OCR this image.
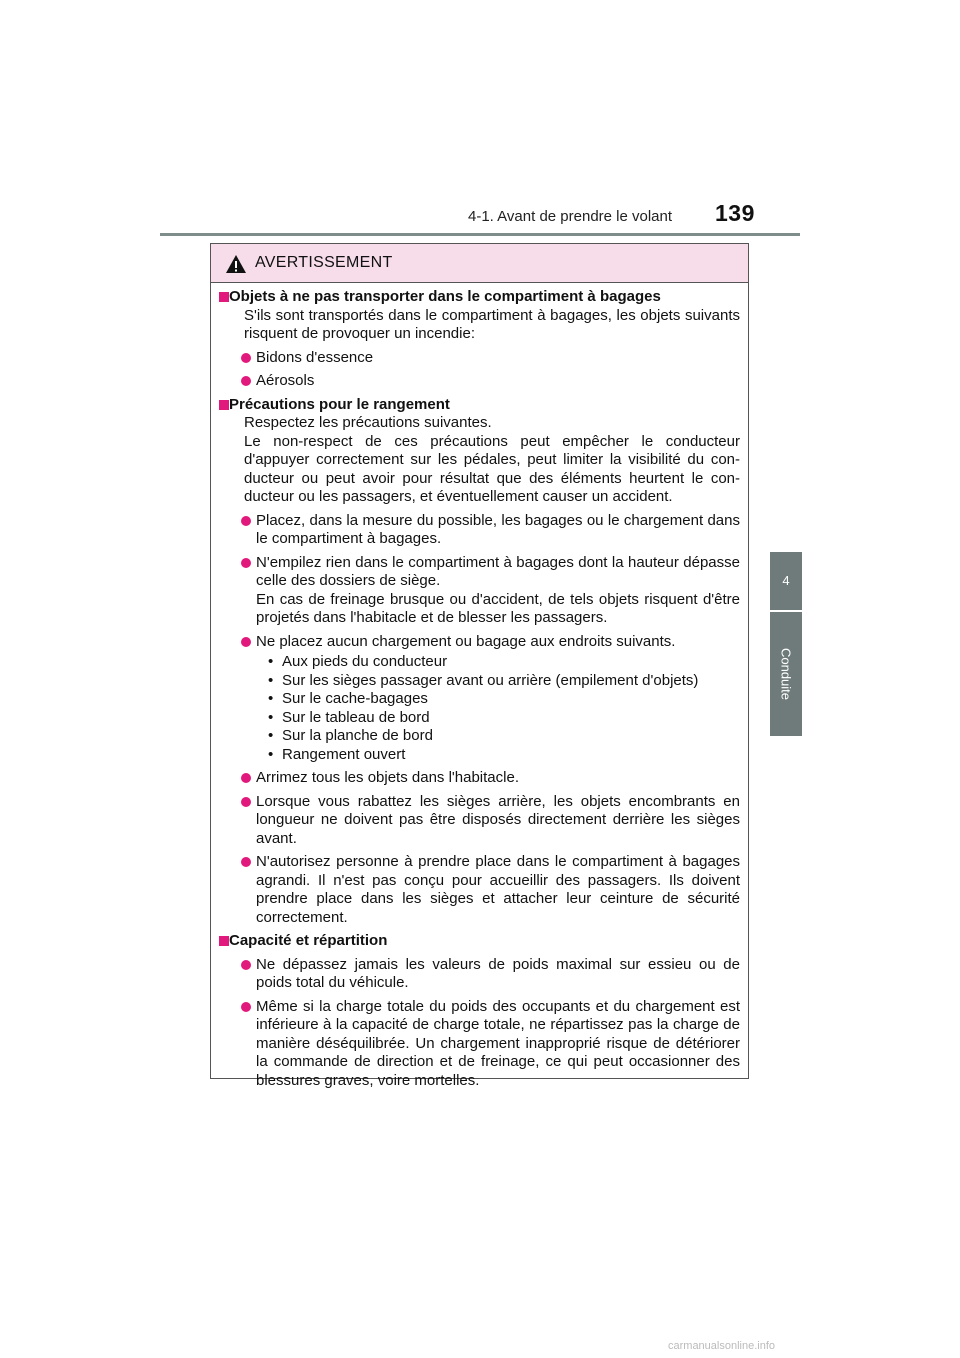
4-1. Avant de prendre le volant 139
4
Conduite
AVERTISSEMENT
Objets à ne pas transporter dans le compartiment à bagages

S'ils sont transportés dans le compartiment à bagages, les objets suivants risquent de provoquer un incendie:

Bidons d'essence
Aérosols
Précautions pour le rangement

Respectez les précautions suivantes.

Le non-respect de ces précautions peut empêcher le conducteur d'appuyer correctement sur les pédales, peut limiter la visibilité du conducteur ou peut avoir pour résultat que des éléments heurtent le conducteur ou les passagers, et éventuellement causer un accident.

Placez, dans la mesure du possible, les bagages ou le chargement dans le compartiment à bagages.
N'empilez rien dans le compartiment à bagages dont la hauteur dépasse celle des dossiers de siège.
En cas de freinage brusque ou d'accident, de tels objets risquent d'être projetés dans l'habitacle et de blesser les passagers.
Ne placez aucun chargement ou bagage aux endroits suivants.
• Aux pieds du conducteur
• Sur les sièges passager avant ou arrière (empilement d'objets)
• Sur le cache-bagages
• Sur le tableau de bord
• Sur la planche de bord
• Rangement ouvert
Arrimez tous les objets dans l'habitacle.
Lorsque vous rabattez les sièges arrière, les objets encombrants en longueur ne doivent pas être disposés directement derrière les sièges avant.
N'autorisez personne à prendre place dans le compartiment à bagages agrandi. Il n'est pas conçu pour accueillir des passagers. Ils doivent prendre place dans les sièges et attacher leur ceinture de sécurité correctement.
Capacité et répartition
Ne dépassez jamais les valeurs de poids maximal sur essieu ou de poids total du véhicule.
Même si la charge totale du poids des occupants et du chargement est inférieure à la capacité de charge totale, ne répartissez pas la charge de manière déséquilibrée. Un chargement inapproprié risque de détériorer la commande de direction et de freinage, ce qui peut occasionner des blessures graves, voire mortelles.
carmanualsonline.info
